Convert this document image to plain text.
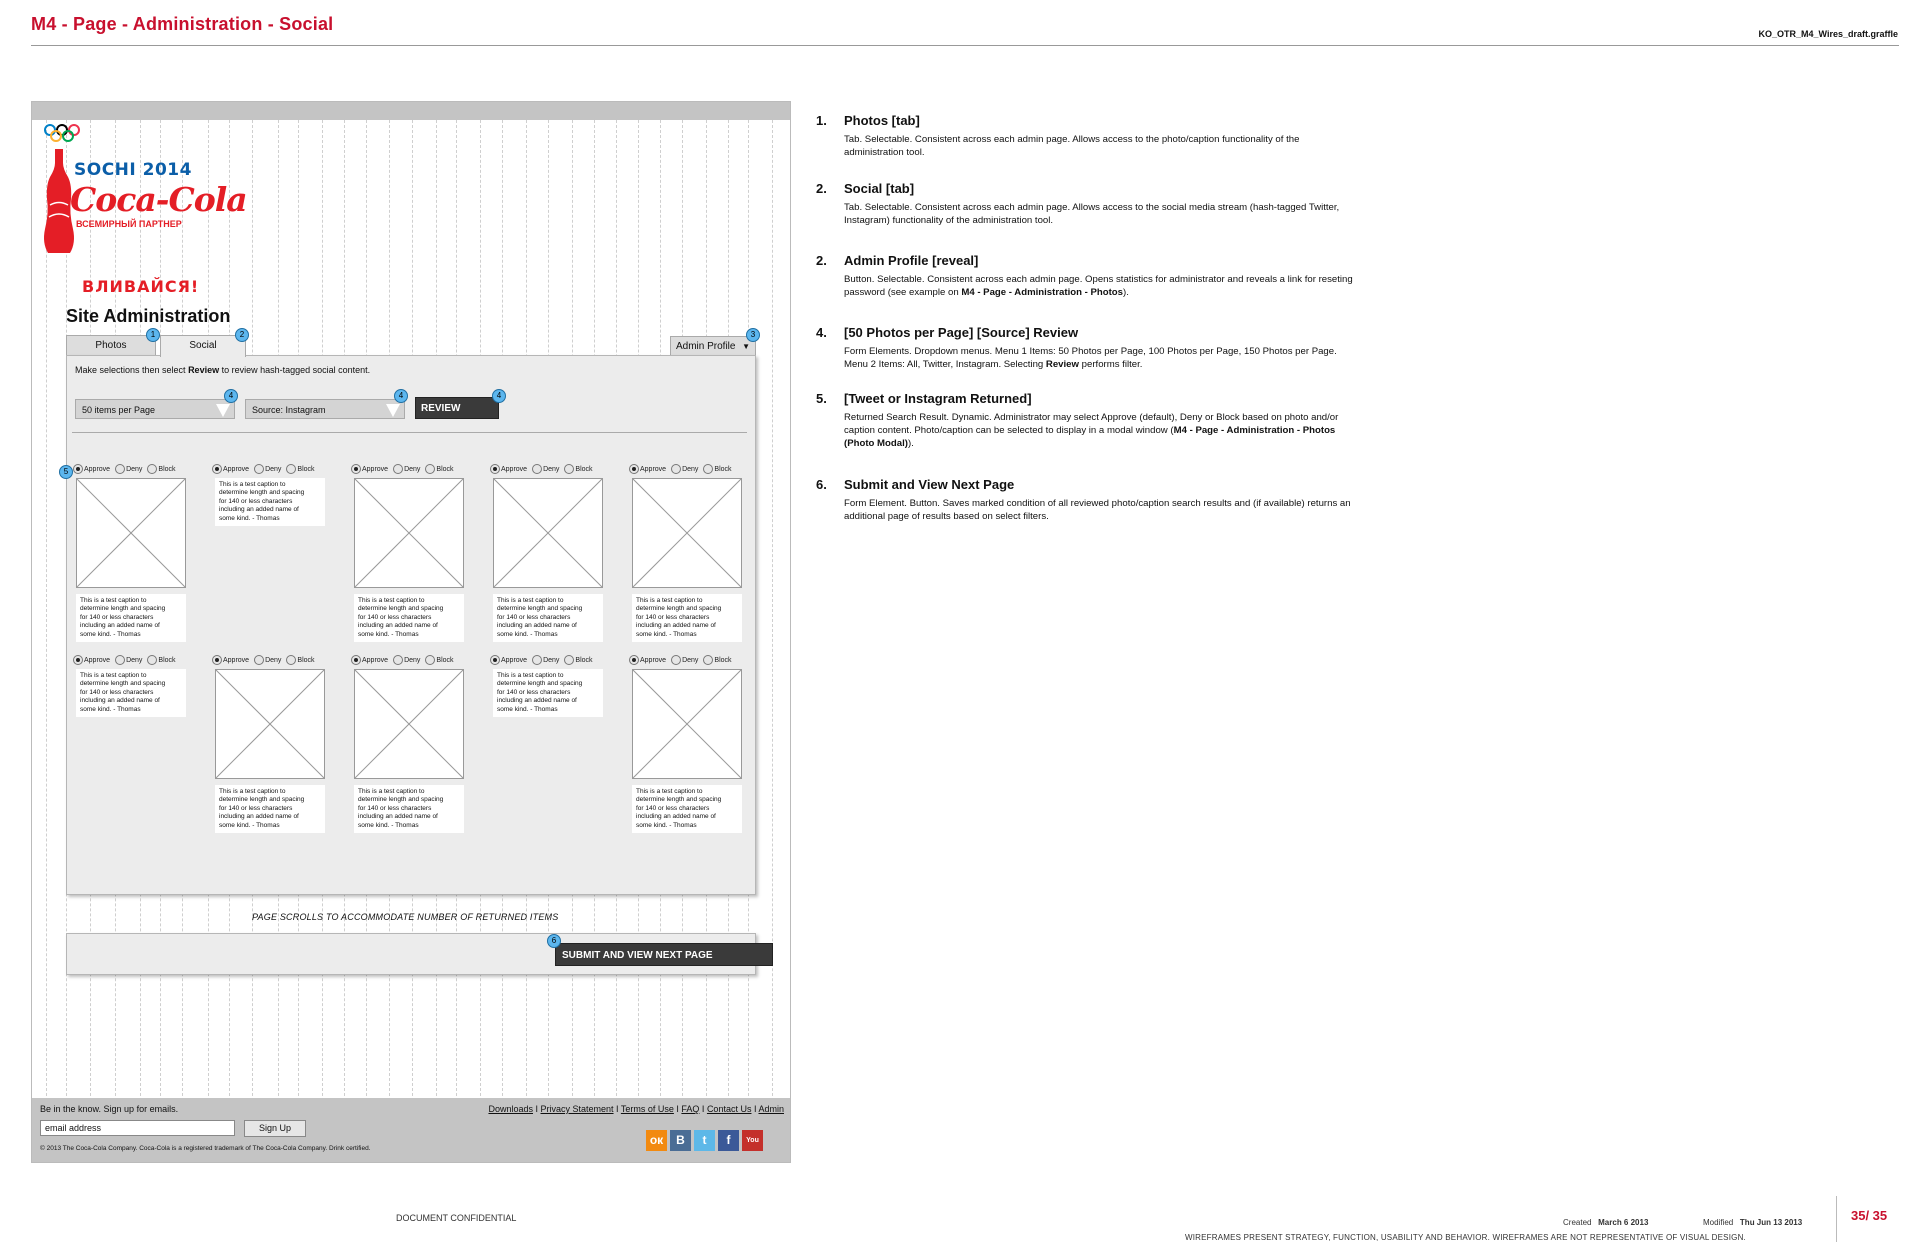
M4 - Page - Administration - Social	KO_OTR_M4_Wires_draft.graffle
SOCHI 2014
Coca-Cola
ВСЕМИРНЫЙ ПАРТНЕР
ВЛИВАЙСЯ!
Site Administration
Photos
1
Social
2
Admin Profile ▼
3
Make selections then select Review to review hash-tagged social content.
50 items per Page
4
Source: Instagram
4
REVIEW
4
5	Approve Deny Block
This is a test caption to
determine length and spacing
for 140 or less characters
including an added name of
some kind. - Thomas
Approve Deny Block
This is a test caption to
determine length and spacing
for 140 or less characters
including an added name of
some kind. - Thomas
Approve Deny Block
This is a test caption to
determine length and spacing
for 140 or less characters
including an added name of
some kind. - Thomas
Approve Deny Block
This is a test caption to
determine length and spacing
for 140 or less characters
including an added name of
some kind. - Thomas
Approve Deny Block
This is a test caption to
determine length and spacing
for 140 or less characters
including an added name of
some kind. - Thomas
Approve Deny Block
This is a test caption to
determine length and spacing
for 140 or less characters
including an added name of
some kind. - Thomas
Approve Deny Block
This is a test caption to
determine length and spacing
for 140 or less characters
including an added name of
some kind. - Thomas
Approve Deny Block
This is a test caption to
determine length and spacing
for 140 or less characters
including an added name of
some kind. - Thomas
Approve Deny Block
This is a test caption to
determine length and spacing
for 140 or less characters
including an added name of
some kind. - Thomas
Approve Deny Block
This is a test caption to
determine length and spacing
for 140 or less characters
including an added name of
some kind. - Thomas
PAGE SCROLLS TO ACCOMMODATE NUMBER OF RETURNED ITEMS
SUBMIT AND VIEW NEXT PAGE
6
Be in the know. Sign up for emails.
email address
Sign Up
© 2013 The Coca-Cola Company. Coca-Cola is a registered trademark of The Coca-Cola Company. Drink certified.
Downloads I Privacy Statement I Terms of Use I FAQ I Contact Us I Admin
ок	В	t	f	You
1. Photos [tab]
Tab. Selectable. Consistent across each admin page. Allows access to the photo/caption functionality of the administration tool.
2. Social [tab]
Tab. Selectable. Consistent across each admin page. Allows access to the social media stream (hash-tagged Twitter, Instagram) functionality of the administration tool.
2. Admin Profile [reveal]
Button. Selectable. Consistent across each admin page. Opens statistics for administrator and reveals a link for reseting password (see example on M4 - Page - Administration - Photos).
4. [50 Photos per Page] [Source] Review
Form Elements. Dropdown menus. Menu 1 Items: 50 Photos per Page, 100 Photos per Page, 150 Photos per Page. Menu 2 Items: All, Twitter, Instagram. Selecting Review performs filter.
5. [Tweet or Instagram Returned]
Returned Search Result. Dynamic. Administrator may select Approve (default), Deny or Block based on photo and/or caption content. Photo/caption can be selected to display in a modal window (M4 - Page - Administration - Photos (Photo Modal)).
6. Submit and View Next Page
Form Element. Button. Saves marked condition of all reviewed photo/caption search results and (if available) returns an additional page of results based on select filters.
DOCUMENT CONFIDENTIAL	Created March 6 2013	Modified Thu Jun 13 2013
WIREFRAMES PRESENT STRATEGY, FUNCTION, USABILITY AND BEHAVIOR. WIREFRAMES ARE NOT REPRESENTATIVE OF VISUAL DESIGN.
35/ 35
